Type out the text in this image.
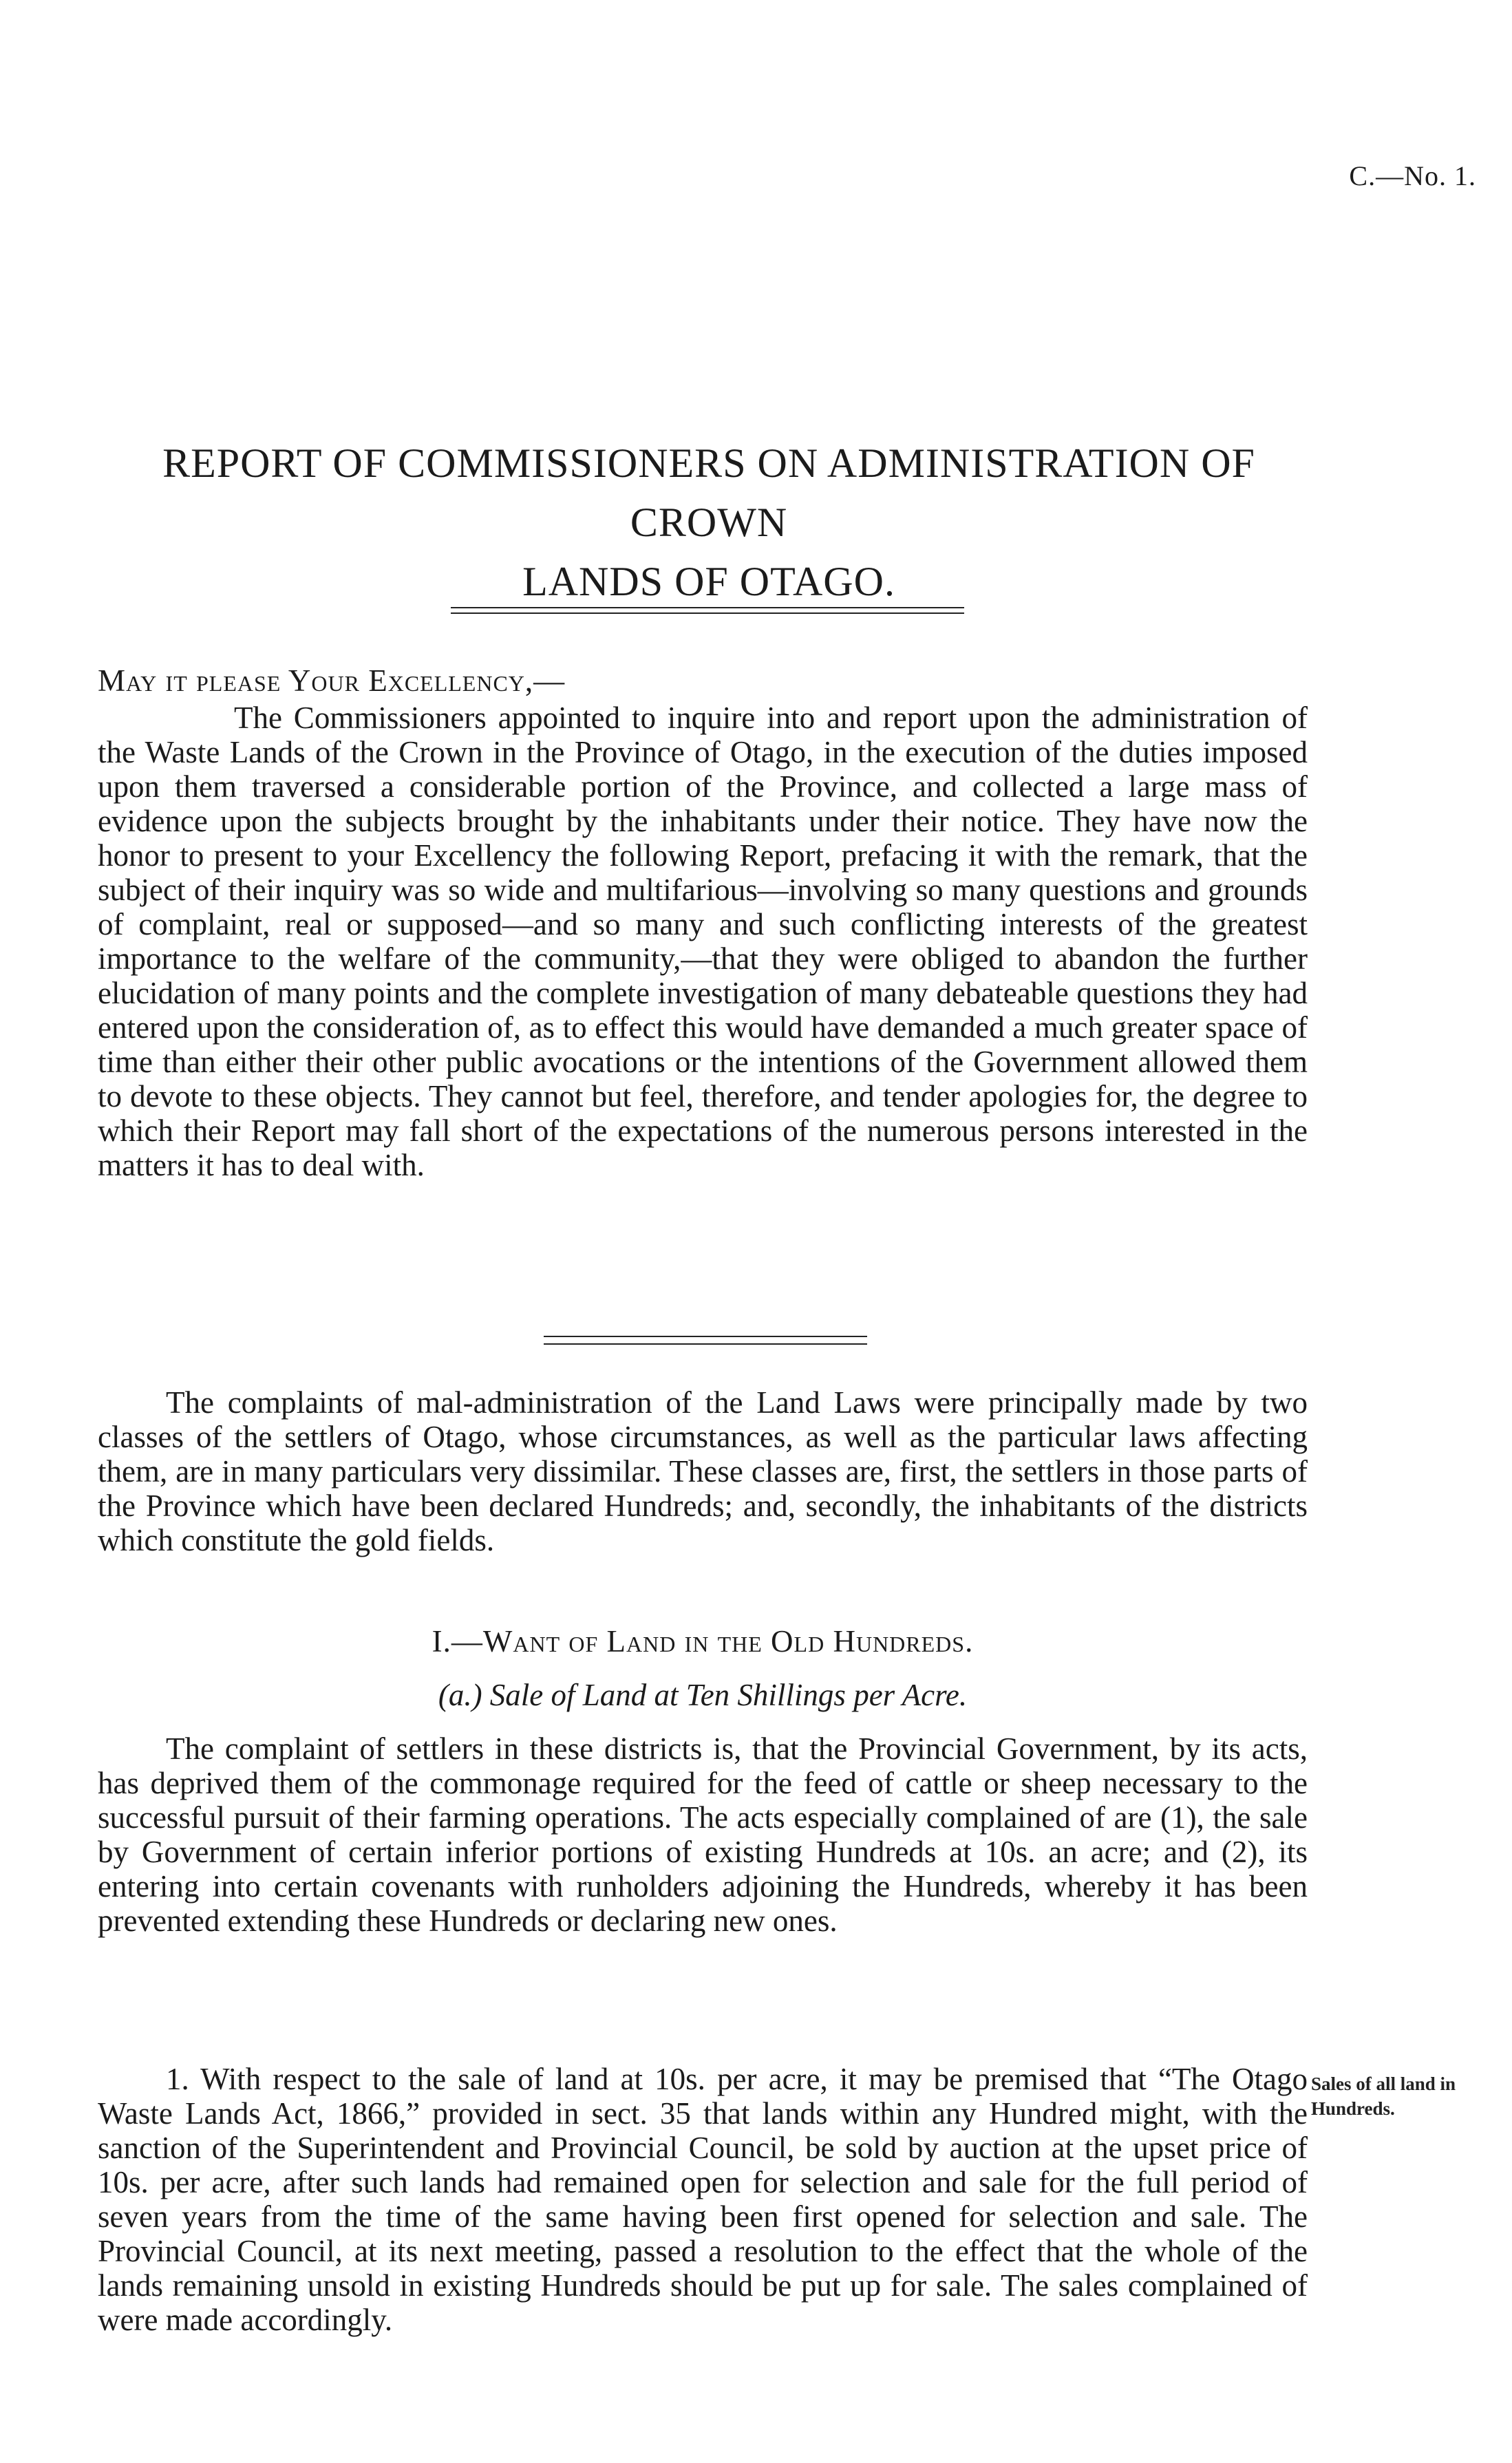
C.—No. 1.
REPORT OF COMMISSIONERS ON ADMINISTRATION OF CROWN
LANDS OF OTAGO.
May it please Your Excellency,—

The Commissioners appointed to inquire into and report upon the administration of the Waste Lands of the Crown in the Province of Otago, in the execution of the duties imposed upon them traversed a considerable portion of the Province, and collected a large mass of evidence upon the subjects brought by the inhabitants under their notice. They have now the honor to present to your Excellency the following Report, prefacing it with the remark, that the subject of their inquiry was so wide and multifarious—involving so many questions and grounds of complaint, real or supposed—and so many and such conflicting interests of the greatest importance to the welfare of the community,—that they were obliged to abandon the further elucidation of many points and the complete investigation of many debateable questions they had entered upon the consideration of, as to effect this would have demanded a much greater space of time than either their other public avocations or the intentions of the Government allowed them to devote to these objects. They cannot but feel, therefore, and tender apologies for, the degree to which their Report may fall short of the expectations of the numerous persons interested in the matters it has to deal with.

The complaints of mal-administration of the Land Laws were principally made by two classes of the settlers of Otago, whose circumstances, as well as the particular laws affecting them, are in many particulars very dissimilar. These classes are, first, the settlers in those parts of the Province which have been declared Hundreds; and, secondly, the inhabitants of the districts which constitute the gold fields.

I.—Want of Land in the Old Hundreds.
(a.) Sale of Land at Ten Shillings per Acre.

The complaint of settlers in these districts is, that the Provincial Government, by its acts, has deprived them of the commonage required for the feed of cattle or sheep necessary to the successful pursuit of their farming operations. The acts especially complained of are (1), the sale by Government of certain inferior portions of existing Hundreds at 10s. an acre; and (2), its entering into certain covenants with runholders adjoining the Hundreds, whereby it has been prevented extending these Hundreds or declaring new ones.

1. With respect to the sale of land at 10s. per acre, it may be premised that “The Otago Waste Lands Act, 1866,” provided in sect. 35 that lands within any Hundred might, with the sanction of the Superintendent and Provincial Council, be sold by auction at the upset price of 10s. per acre, after such lands had remained open for selection and sale for the full period of seven years from the time of the same having been first opened for selection and sale. The Provincial Council, at its next meeting, passed a resolution to the effect that the whole of the lands remaining unsold in existing Hundreds should be put up for sale. The sales complained of were made accordingly.

Sales of all land in Hundreds.
